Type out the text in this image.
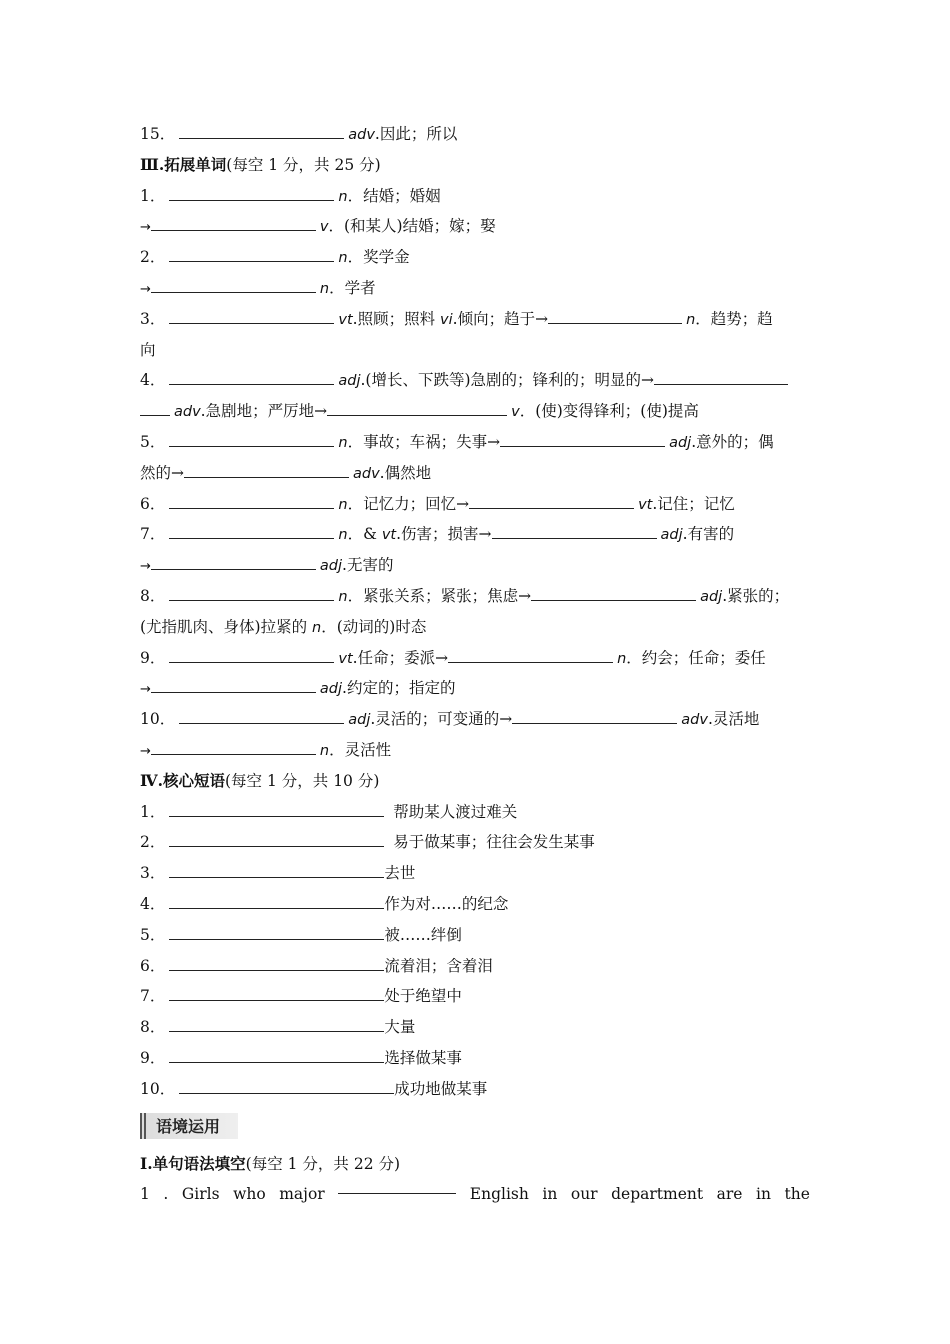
15．	adv.因此；所以
Ⅲ.拓展单词(每空 1 分，共 25 分)
1．	n．结婚；婚姻
→	v．(和某人)结婚；嫁；娶
2．	n．奖学金
→	n．学者
3．	vt.照顾；照料 vi.倾向；趋于→	n．趋势；趋
向
4．	adj.(增长、下跌等)急剧的；锋利的；明显的→
adv.急剧地；严厉地→	v．(使)变得锋利；(使)提高
5．	n．事故；车祸；失事→	adj.意外的；偶
然的→	adv.偶然地
6．	n．记忆力；回忆→	vt.记住；记忆
7．	n．& vt.伤害；损害→	adj.有害的
→	adj.无害的
8．	n．紧张关系；紧张；焦虑→	adj.紧张的；
(尤指肌肉、身体)拉紧的 n．(动词的)时态
9．	vt.任命；委派→	n．约会；任命；委任
→	adj.约定的；指定的
10．	adj.灵活的；可变通的→	adv.灵活地
→	n．灵活性
Ⅳ.核心短语(每空 1 分，共 10 分)
1．	帮助某人渡过难关
2．	易于做某事；往往会发生某事
3．	去世
4．	作为对……的纪念
5．	被……绊倒
6．	流着泪；含着泪
7．	处于绝望中
8．	大量
9．	选择做某事
10．	成功地做某事
语境运用
Ⅰ.单句语法填空(每空 1 分，共 22 分)
1 . Girls who major	English in our department are in the
